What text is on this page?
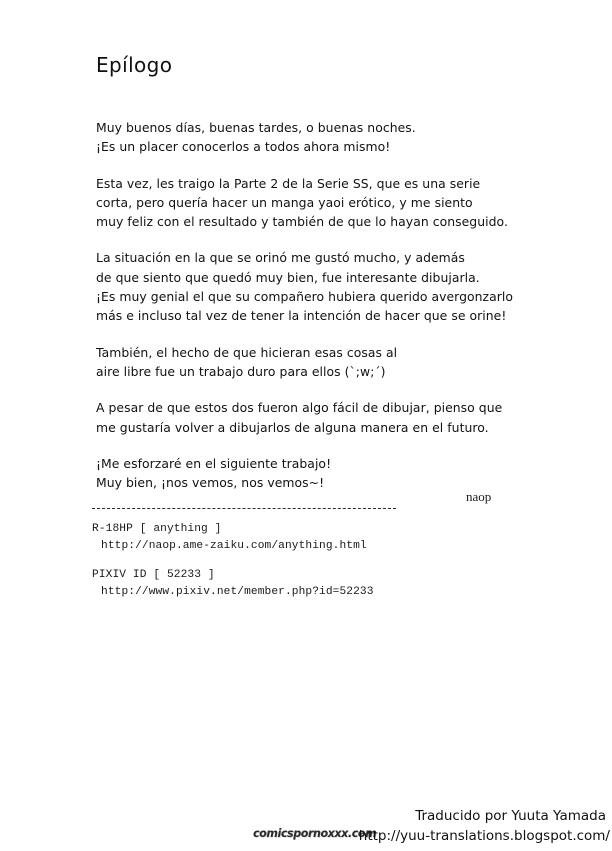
Epílogo

Muy buenos días, buenas tardes, o buenas noches.
¡Es un placer conocerlos a todos ahora mismo!

Esta vez, les traigo la Parte 2 de la Serie SS, que es una serie
corta, pero quería hacer un manga yaoi erótico, y me siento
muy feliz con el resultado y también de que lo hayan conseguido.

La situación en la que se orinó me gustó mucho, y además
de que siento que quedó muy bien, fue interesante dibujarla.
¡Es muy genial el que su compañero hubiera querido avergonzarlo
más e incluso tal vez de tener la intención de hacer que se orine!

También, el hecho de que hicieran esas cosas al
aire libre fue un trabajo duro para ellos (`;w;´)

A pesar de que estos dos fueron algo fácil de dibujar, pienso que
me gustaría volver a dibujarlos de alguna manera en el futuro.

¡Me esforzaré en el siguiente trabajo!
Muy bien, ¡nos vemos, nos vemos~!

naop
R-18HP [ anything ]
http://naop.ame-zaiku.com/anything.html
PIXIV ID [ 52233 ]
http://www.pixiv.net/member.php?id=52233
comicspornoxxx.com
Traducido por Yuuta Yamada
http://yuu-translations.blogspot.com/
